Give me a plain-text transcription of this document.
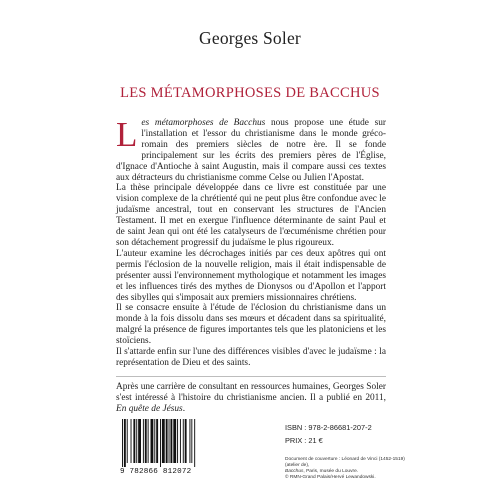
Georges Soler
LES MÉTAMORPHOSES DE BACCHUS

Les métamorphoses de Bacchus nous propose une étude sur l'installation et l'essor du christianisme dans le monde gréco-romain des premiers siècles de notre ère. Il se fonde principalement sur les écrits des premiers pères de l'Église, d'Ignace d'Antioche à saint Augustin, mais il compare aussi ces textes aux détracteurs du christianisme comme Celse ou Julien l'Apostat.

La thèse principale développée dans ce livre est constituée par une vision complexe de la chrétienté qui ne peut plus être confondue avec le judaïsme ancestral, tout en conservant les structures de l'Ancien Testament. Il met en exergue l'influence déterminante de saint Paul et de saint Jean qui ont été les catalyseurs de l'œcuménisme chrétien pour son détachement progressif du judaïsme le plus rigoureux.

L'auteur examine les décrochages initiés par ces deux apôtres qui ont permis l'éclosion de la nouvelle religion, mais il était indispensable de présenter aussi l'environnement mythologique et notamment les images et les influences tirés des mythes de Dionysos ou d'Apollon et l'apport des sibylles qui s'imposait aux premiers missionnaires chrétiens.

Il se consacre ensuite à l'étude de l'éclosion du christianisme dans un monde à la fois dissolu dans ses mœurs et décadent dans sa spiritualité, malgré la présence de figures importantes tels que les platoniciens et les stoïciens.

Il s'attarde enfin sur l'une des différences visibles d'avec le judaïsme : la représentation de Dieu et des saints.

Après une carrière de consultant en ressources humaines, Georges Soler s'est intéressé à l'histoire du christianisme ancien. Il a publié en 2011, En quête de Jésus.
9 782866 812072
ISBN : 978-2-86681-207-2
PRIX : 21 €
Document de couverture : Léonard de Vinci (1452-1519) (atelier de),
Bacchus, Paris, musée du Louvre.
© RMN-Grand Palais/Hervé Lewandowski.
